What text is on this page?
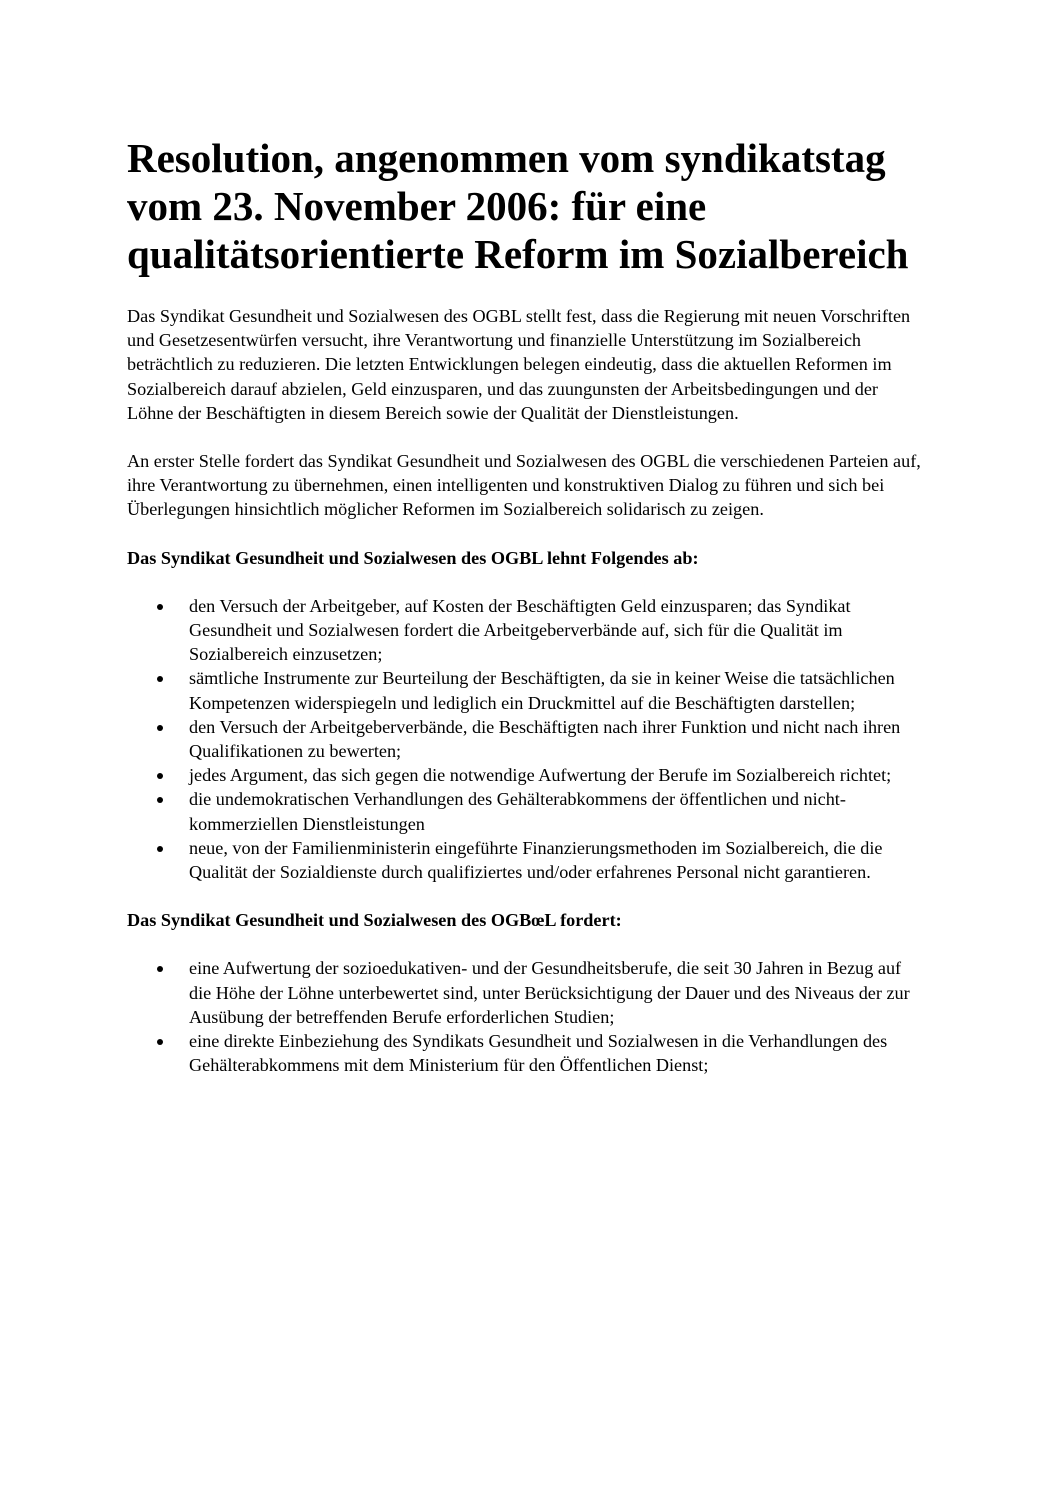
Resolution, angenommen vom syndikatstag vom 23. November 2006: für eine qualitätsorientierte Reform im Sozialbereich

Das Syndikat Gesundheit und Sozialwesen des OGBL stellt fest, dass die Regierung mit neuen Vorschriften und Gesetzesentwürfen versucht, ihre Verantwortung und finanzielle Unterstützung im Sozialbereich beträchtlich zu reduzieren. Die letzten Entwicklungen belegen eindeutig, dass die aktuellen Reformen im Sozialbereich darauf abzielen, Geld einzusparen, und das zuungunsten der Arbeitsbedingungen und der Löhne der Beschäftigten in diesem Bereich sowie der Qualität der Dienstleistungen.

An erster Stelle fordert das Syndikat Gesundheit und Sozialwesen des OGBL die verschiedenen Parteien auf, ihre Verantwortung zu übernehmen, einen intelligenten und konstruktiven Dialog zu führen und sich bei Überlegungen hinsichtlich möglicher Reformen im Sozialbereich solidarisch zu zeigen.

Das Syndikat Gesundheit und Sozialwesen des OGBL lehnt Folgendes ab:

den Versuch der Arbeitgeber, auf Kosten der Beschäftigten Geld einzusparen; das Syndikat Gesundheit und Sozialwesen fordert die Arbeitgeberverbände auf, sich für die Qualität im Sozialbereich einzusetzen;
sämtliche Instrumente zur Beurteilung der Beschäftigten, da sie in keiner Weise die tatsächlichen Kompetenzen widerspiegeln und lediglich ein Druckmittel auf die Beschäftigten darstellen;
den Versuch der Arbeitgeberverbände, die Beschäftigten nach ihrer Funktion und nicht nach ihren Qualifikationen zu bewerten;
jedes Argument, das sich gegen die notwendige Aufwertung der Berufe im Sozialbereich richtet;
die undemokratischen Verhandlungen des Gehälterabkommens der öffentlichen und nicht-kommerziellen Dienstleistungen
neue, von der Familienministerin eingeführte Finanzierungsmethoden im Sozialbereich, die die Qualität der Sozialdienste durch qualifiziertes und/oder erfahrenes Personal nicht garantieren.

Das Syndikat Gesundheit und Sozialwesen des OGBœL fordert:

eine Aufwertung der sozioedukativen- und der Gesundheitsberufe, die seit 30 Jahren in Bezug auf die Höhe der Löhne unterbewertet sind, unter Berücksichtigung der Dauer und des Niveaus der zur Ausübung der betreffenden Berufe erforderlichen Studien;
eine direkte Einbeziehung des Syndikats Gesundheit und Sozialwesen in die Verhandlungen des Gehälterabkommens mit dem Ministerium für den Öffentlichen Dienst;
